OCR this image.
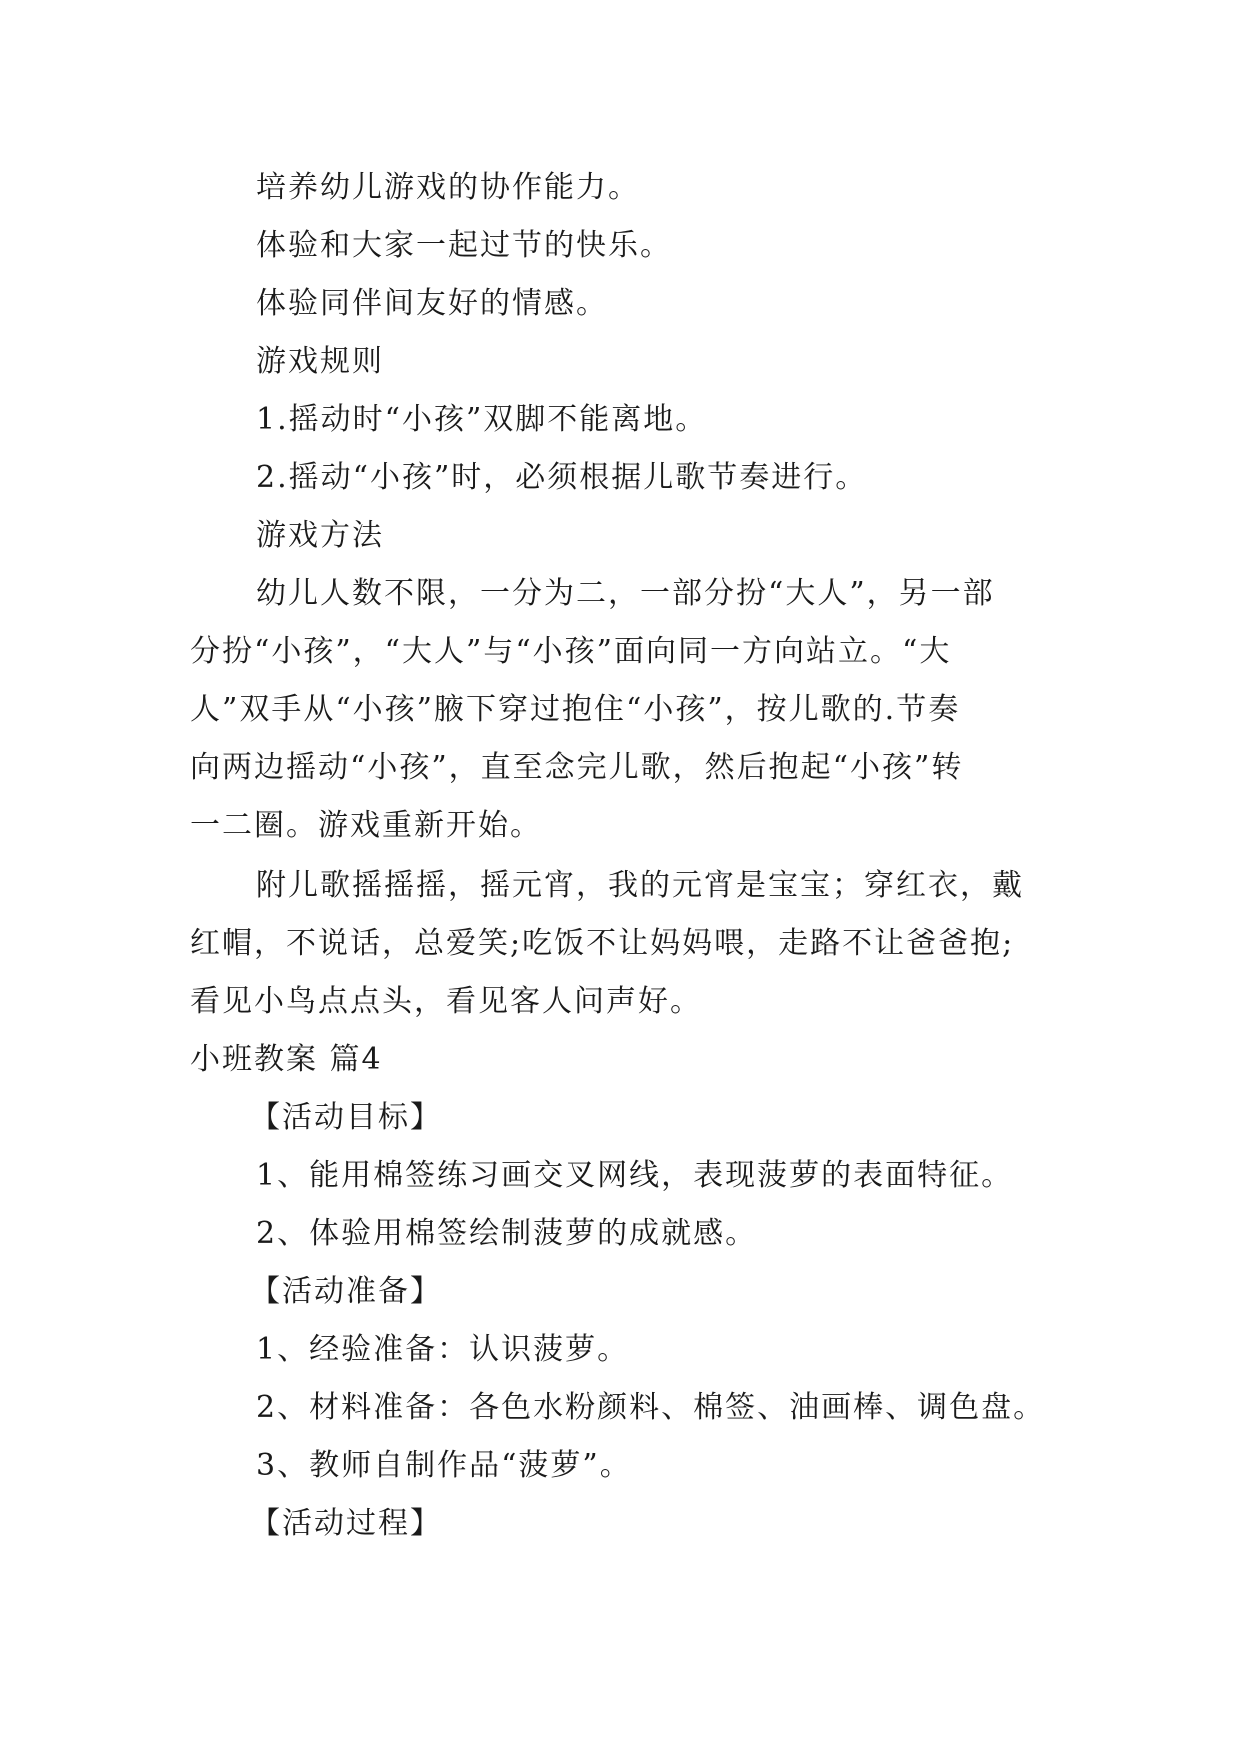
培养幼儿游戏的协作能力。
体验和大家一起过节的快乐。
体验同伴间友好的情感。
游戏规则
1.摇动时“小孩”双脚不能离地。
2.摇动“小孩”时，必须根据儿歌节奏进行。
游戏方法
幼儿人数不限，一分为二，一部分扮“大人”，另一部
分扮“小孩”，“大人”与“小孩”面向同一方向站立。“大
人”双手从“小孩”腋下穿过抱住“小孩”，按儿歌的.节奏
向两边摇动“小孩”，直至念完儿歌，然后抱起“小孩”转
一二圈。游戏重新开始。
附儿歌摇摇摇，摇元宵，我的元宵是宝宝；穿红衣，戴
红帽，不说话，总爱笑;吃饭不让妈妈喂，走路不让爸爸抱;
看见小鸟点点头，看见客人问声好。
小班教案 篇4
【活动目标】
1、能用棉签练习画交叉网线，表现菠萝的表面特征。
2、体验用棉签绘制菠萝的成就感。
【活动准备】
1、经验准备：认识菠萝。
2、材料准备：各色水粉颜料、棉签、油画棒、调色盘。
3、教师自制作品“菠萝”。
【活动过程】
